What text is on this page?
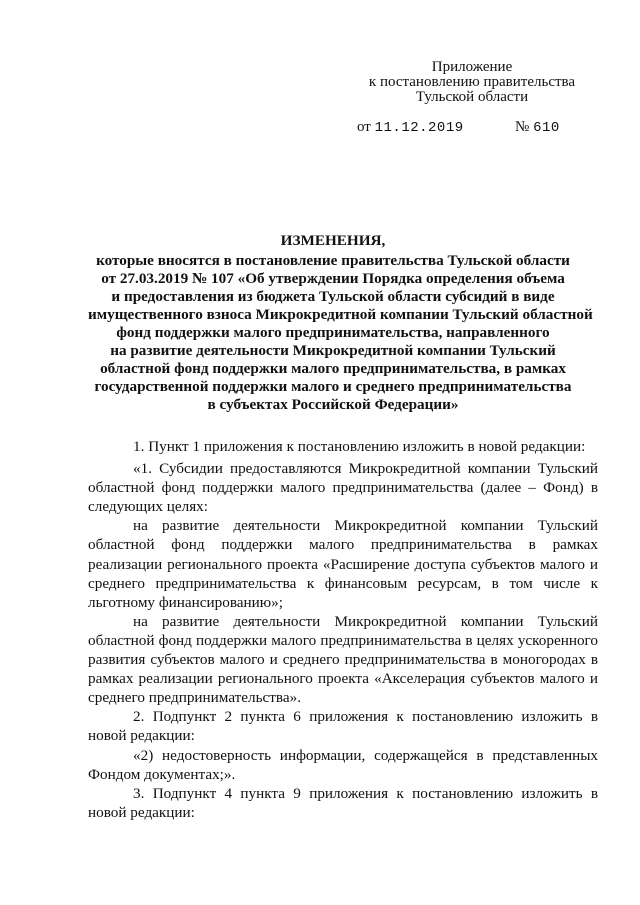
Приложение
к постановлению правительства
Тульской области
от 11.12.2019	№ 610
ИЗМЕНЕНИЯ,
которые вносятся в постановление правительства Тульской области
от 27.03.2019 № 107 «Об утверждении Порядка определения объема
и предоставления из бюджета Тульской области субсидий в виде
имущественного взноса Микрокредитной компании Тульский областной
фонд поддержки малого предпринимательства, направленного
на развитие деятельности Микрокредитной компании Тульский
областной фонд поддержки малого предпринимательства, в рамках
государственной поддержки малого и среднего предпринимательства
в субъектах Российской Федерации»

1. Пункт 1 приложения к постановлению изложить в новой редакции:

«1. Субсидии предоставляются Микрокредитной компании Тульский областной фонд поддержки малого предпринимательства (далее – Фонд) в следующих целях:

на развитие деятельности Микрокредитной компании Тульский областной фонд поддержки малого предпринимательства в рамках реализации регионального проекта «Расширение доступа субъектов малого и среднего предпринимательства к финансовым ресурсам, в том числе к льготному финансированию»;

на развитие деятельности Микрокредитной компании Тульский областной фонд поддержки малого предпринимательства в целях ускоренного развития субъектов малого и среднего предпринимательства в моногородах в рамках реализации регионального проекта «Акселерация субъектов малого и среднего предпринимательства».

2. Подпункт 2 пункта 6 приложения к постановлению изложить в новой редакции:

«2) недостоверность информации, содержащейся в представленных Фондом документах;».

3. Подпункт 4 пункта 9 приложения к постановлению изложить в новой редакции:
